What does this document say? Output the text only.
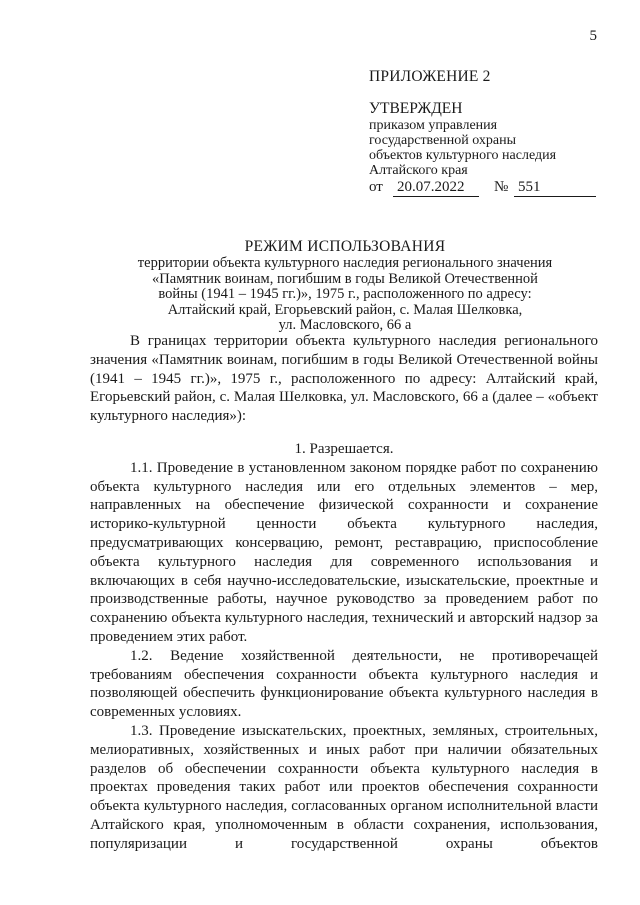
5
ПРИЛОЖЕНИЕ 2
УТВЕРЖДЕН
приказом управления
государственной охраны
объектов культурного наследия
Алтайского края
от 20.07.2022	№ 551
РЕЖИМ ИСПОЛЬЗОВАНИЯ
территории объекта культурного наследия регионального значения
«Памятник воинам, погибшим в годы Великой Отечественной
войны (1941 – 1945 гг.)», 1975 г., расположенного по адресу:
Алтайский край, Егорьевский район, с. Малая Шелковка,
ул. Масловского, 66 а

В границах территории объекта культурного наследия регионального значения «Памятник воинам, погибшим в годы Великой Отечественной войны (1941 – 1945 гг.)», 1975 г., расположенного по адресу: Алтайский край, Егорьевский район, с. Малая Шелковка, ул. Масловского, 66 а (далее – «объект культурного наследия»):

1. Разрешается.

1.1. Проведение в установленном законом порядке работ по сохранению объекта культурного наследия или его отдельных элементов – мер, направленных на обеспечение физической сохранности и сохранение историко-культурной ценности объекта культурного наследия, предусматривающих консервацию, ремонт, реставрацию, приспособление объекта культурного наследия для современного использования и включающих в себя научно-исследовательские, изыскательские, проектные и производственные работы, научное руководство за проведением работ по сохранению объекта культурного наследия, технический и авторский надзор за проведением этих работ.

1.2. Ведение хозяйственной деятельности, не противоречащей требованиям обеспечения сохранности объекта культурного наследия и позволяющей обеспечить функционирование объекта культурного наследия в современных условиях.

1.3. Проведение изыскательских, проектных, земляных, строительных, мелиоративных, хозяйственных и иных работ при наличии обязательных разделов об обеспечении сохранности объекта культурного наследия в проектах проведения таких работ или проектов обеспечения сохранности объекта культурного наследия, согласованных органом исполнительной власти Алтайского края, уполномоченным в области сохранения, использования, популяризации и государственной охраны объектов
